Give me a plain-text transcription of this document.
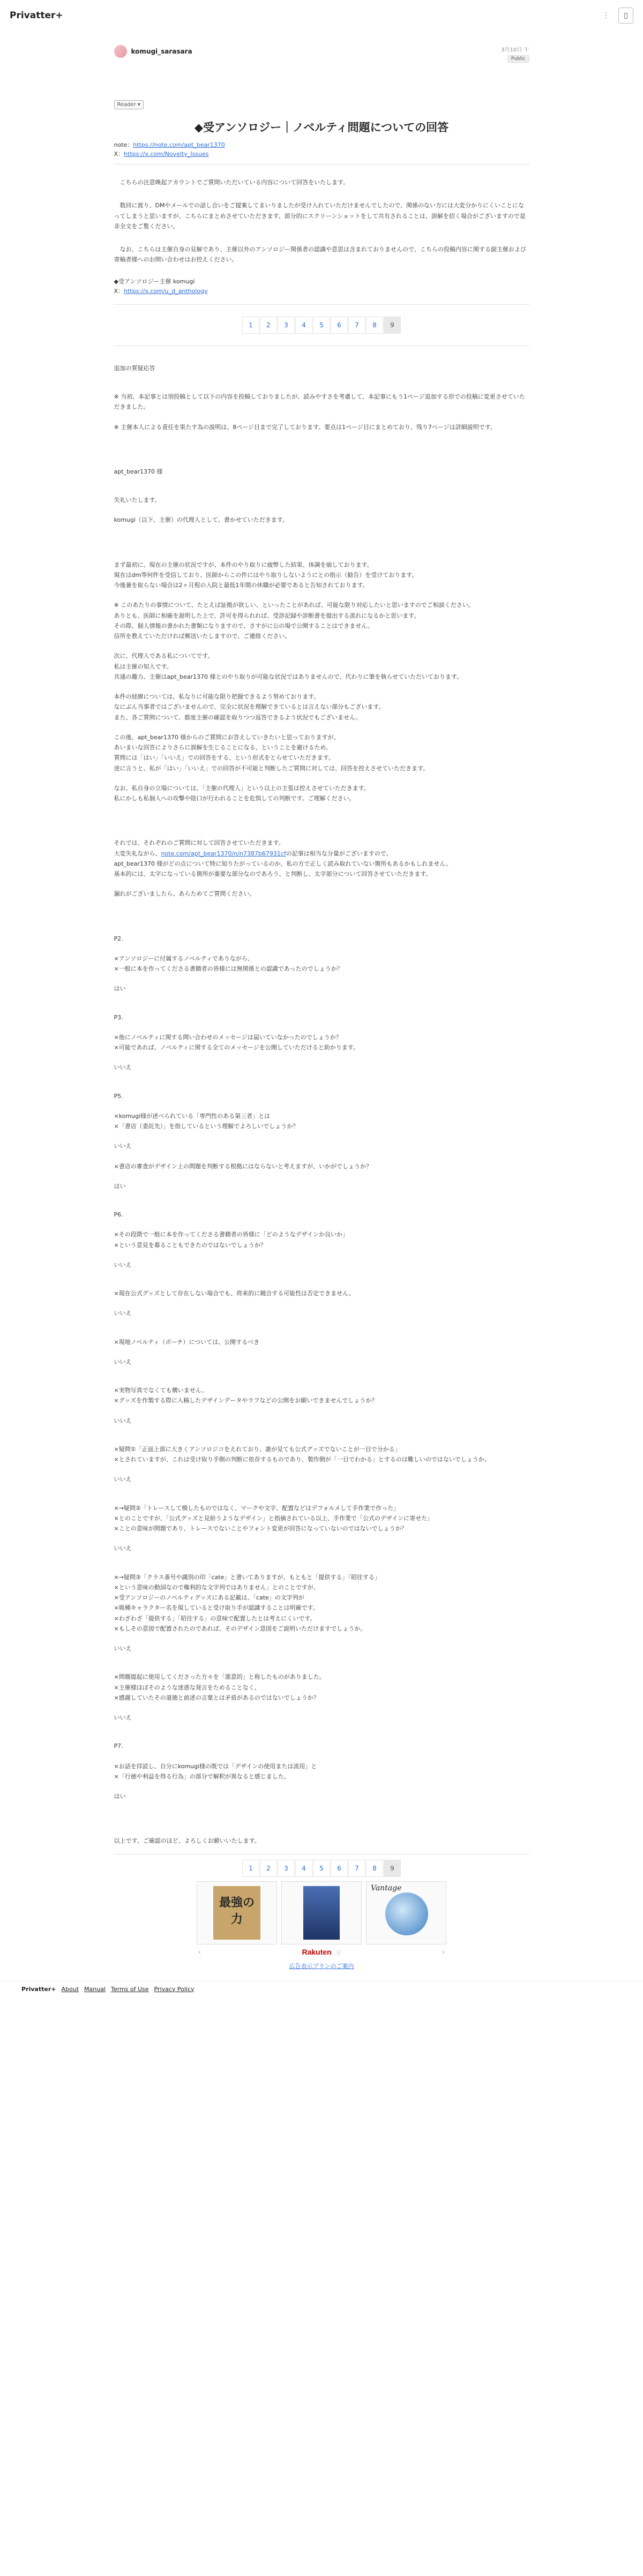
Privatter+	⋮	▯
komugi_sarasara	3月10日 午
Public
Reader ▾
◆受アンソロジー｜ノベルティ問題についての回答

note：https://note.com/apt_bear1370

X：https://x.com/Novelty_Issues

こちらの注意喚起アカウントでご質問いただいている内容について回答をいたします。

数回に渡り、DMやメールでの話し合いをご提案してまいりましたが受け入れていただけませんでしたので、関係のない方には大変分かりにくいことになってしまうと思いますが、こちらにまとめさせていただきます。部分的にスクリーンショットをして共有されることは、誤解を招く場合がございますので是非全文をご覧ください。

なお、こちらは主催自身の見解であり、主催以外のアンソロジー関係者の認識や意思は含まれておりませんので、こちらの投稿内容に関する副主催および寄稿者様へのお問い合わせはお控えください。

◆受アンソロジー主催 komugi
X：https://x.com/u_d_anthology
1	2	3	4	5	6	7	8	9

追加の質疑応答

※ 当初、本記事とは別投稿として以下の内容を投稿しておりましたが、読みやすさを考慮して、本記事にもう1ページ追加する形での投稿に変更させていただきました。

※ 主催本人による責任を果たす為の説明は、8ページ目まで完了しております。要点は1ページ目にまとめており、残り7ページは詳細説明です。

apt_bear1370 様

失礼いたします。

komugi（以下、主催）の代理人として、書かせていただきます。

まず最初に、現在の主催の状況ですが、本件のやり取りに疲弊した結果、体調を崩しております。

現在はdm等何件を受信しており、医師からこの件にはやり取りしないようにとの指示（勧告）を受けております。

今後兼を取らない場合は2ヶ月程の入院と最低1年間の休職が必要であると告知されております。

※ このあたりの事情について、たとえば証拠が欲しい、といったことがあれば、可能な限り対応したいと思いますのでご相談ください。

ありとも、医師に相確を説明した上で、許可を得られれば、受診記録や診断書を提出する流れになるかと思います。

その際、個人情報の書かれた書類になりますので、さすがに公の場で公開することはできません。

信所を教えていただければ郵送いたしますので、ご連絡ください。

次に、代理人である私についてです。

私は主催の知人です。

共通の趣力、主催はapt_bear1370 様とのやり取りが可能な状況ではありませんので、代わりに筆を執らせていただいております。

本件の経緯については、私なりに可能な限り把握できるよう努めております。

なにぶん当事者ではございませんので、完全に状況を理解できているとは言えない部分もございます。

また、各ご質問について、都度主催の確認を取りつつ返答できるよう状況でもございません。

この後、apt_bear1370 様からのご質問にお答えしていきたいと思っておりますが、

あいまいな回答によりさらに誤解を生じることになる、ということを避けるため、

質問には「はい」「いいえ」での回答をする、という形式をとらせていただきます。

逆に言うと、私が「はい」「いいえ」での回答が不可能と判断したご質問に対しては、回答を控えさせていただきます。

なお、私自身の立場については、「主催の代理人」という以上の主張は控えさせていただきます。

私にかしも私個人への攻撃や陰口が行われることを危惧しての判断です。ご理解ください。

それでは、それぞれのご質問に対して回答させていただきます。

大変失礼ながら、note.com/apt_bear1370/n/n7387b67931cfの記事は相当な分量がございますので、

apt_bear1370 様がどの点について特に知りたがっているのか、私の方で正しく読み取れていない箇所もあるかもしれません。

基本的には、太字になっている箇所が重要な部分なのであろう、と判断し、太字部分について回答させていただきます。

漏れがございましたら、あらためてご質問ください。

P2.

×アンソロジーに付属するノベルティでありながら、

×一般に本を作ってくださる書籍者の皆様には無関係との認識であったのでしょうか？

はい

P3.

×他にノベルティに関する問い合わせのメッセージは届いていなかったのでしょうか？

×可能であれば、ノベルティに関する全てのメッセージを公開していただけると助かります。

いいえ

P5.

×komugi様が述べられている「専門性のある第三者」とは

×「書店（委託先）」を指しているという理解でよろしいでしょうか？

いいえ

×書店の審査がデザイン上の問題を判断する根拠にはならないと考えますが、いかがでしょうか？

はい

P6.

×その段階で一般に本を作ってくださる書籍者の皆様に「どのようなデザインか良いか」

×という意見を募ることもできたのではないでしょうか？

いいえ

×現在公式グッズとして存在しない場合でも、将来的に競合する可能性は否定できません。

いいえ

×現地ノベルティ（ポーチ）については、公開するべき

いいえ

×実物写真でなくても構いません。

×グッズを作製する際に入稿したデザインデータやラフなどの公開をお願いできませんでしょうか？

いいえ

×疑問①「正面上部に大きくアンソロジコをえれており、誰が見ても公式グッズでないことが一目で分かる」

×とされていますが、これは受け取り手側の判断に依存するものであり、製作側が「一目でわかる」とするのは難しいのではないでしょうか。

いいえ

×→疑問②「トレースして模したものではなく、マークや文字、配置などはデフォルメして手作業で作った」

×とのことですが、「公式グッズと見紛うようなデザイン」と指摘されている以上、手作業で「公式のデザインに寄せた」

×ことの意味が問題であり、トレースでないことやフォント変更が回答になっていないのではないでしょうか？

いいえ

×→疑問③「クラス番号や識別の印「cate」と書いてありますが、もともと「提供する」「昭往する」

×という意味の動詞なので権利的な文字列ではありません」とのことですが、

×受アンソロジーのノベルティグッズにある記載は、「cate」の文字列が

×吸種キャラクター名を現していると受け取り手が認識することは明確です。

×わざわざ「提供する」「昭往する」の意味で配置したとは考えにくいです。

×もしその意図で配置されたのであれば、そのデザイン意図をご説明いただけますでしょうか。

いいえ

×問題提起に使用してくださった方々を「悪意的」と称したものがありました。

×主催様ほぼそのような迷惑な発言をためることなく、

×感謝していたその道徳と前述の言葉とは矛盾があるのではないでしょうか？

いいえ

P7.

×お話を拝読し、自分にkomugi様の既では「デザインの使用または流用」と

×「行徳や利益を得る行為」の部分で解釈が異なると感じました。

はい

以上です。ご確認のほど、よろしくお願いいたします。

1	2	3	4	5	6	7	8	9
最強の力
Vantage
‹	Rakuten ⓘ	›
広告表示プランのご案内
Privatter+ About Manual Terms of Use Privacy Policy
